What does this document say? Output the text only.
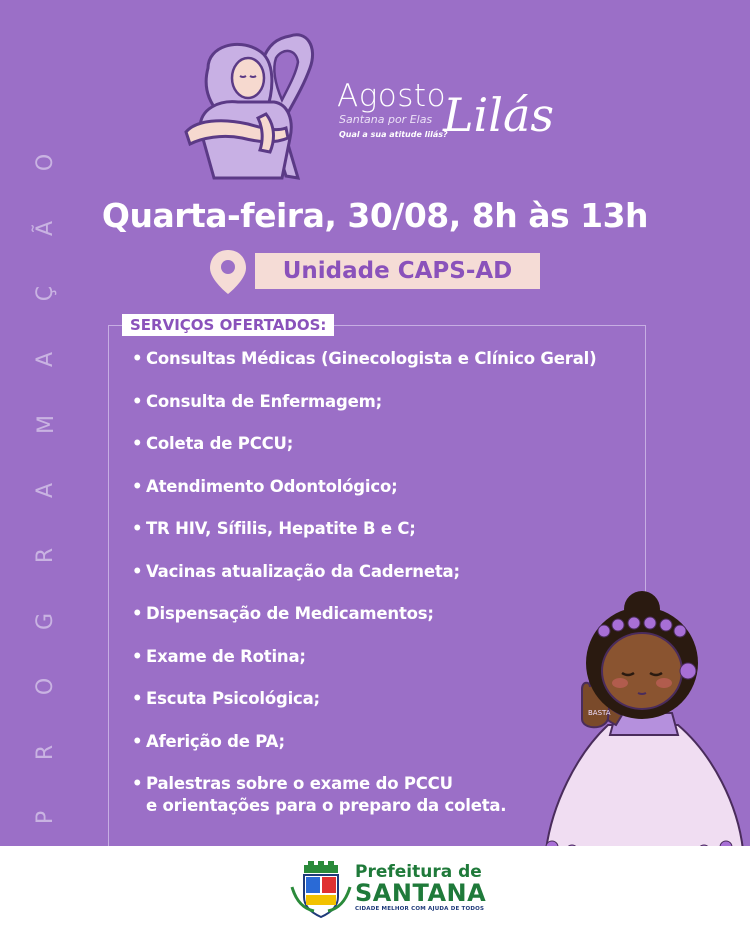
O
Ã
Ç
A
M
A
R
G
O
R
P
Agosto
Santana por Elas
Qual a sua atitude lilás?
Lilás
Quarta-feira, 30/08, 8h às 13h
Unidade CAPS-AD
SERVIÇOS OFERTADOS:
• Consultas Médicas (Ginecologista e Clínico Geral)
• Consulta de Enfermagem;
• Coleta de PCCU;
• Atendimento Odontológico;
• TR HIV, Sífilis, Hepatite B e C;
• Vacinas atualização da Caderneta;
• Dispensação de Medicamentos;
• Exame de Rotina;
• Escuta Psicológica;
• Aferição de PA;
• Palestras sobre o exame do PCCU
e orientações para o preparo da coleta.
BASTA
Prefeitura de
SANTANA
CIDADE MELHOR COM AJUDA DE TODOS
